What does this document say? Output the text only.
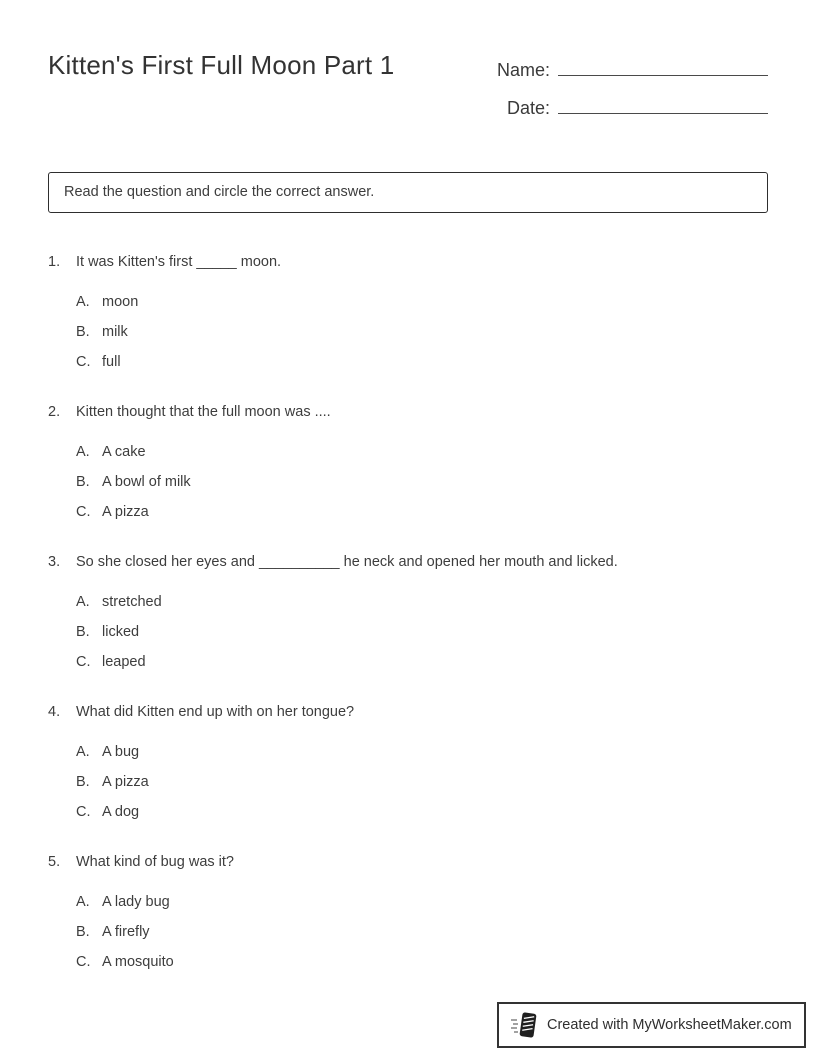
Kitten's First Full Moon Part 1	Name:
Date:
Read the question and circle the correct answer.
1.	It was Kitten's first _____ moon.
A. moon
B. milk
C. full
2.	Kitten thought that the full moon was ....
A. A cake
B. A bowl of milk
C. A pizza
3.	So she closed her eyes and __________ he neck and opened her mouth and licked.
A. stretched
B. licked
C. leaped
4.	What did Kitten end up with on her tongue?
A. A bug
B. A pizza
C. A dog
5.	What kind of bug was it?
A. A lady bug
B. A firefly
C. A mosquito
Created with MyWorksheetMaker.com
